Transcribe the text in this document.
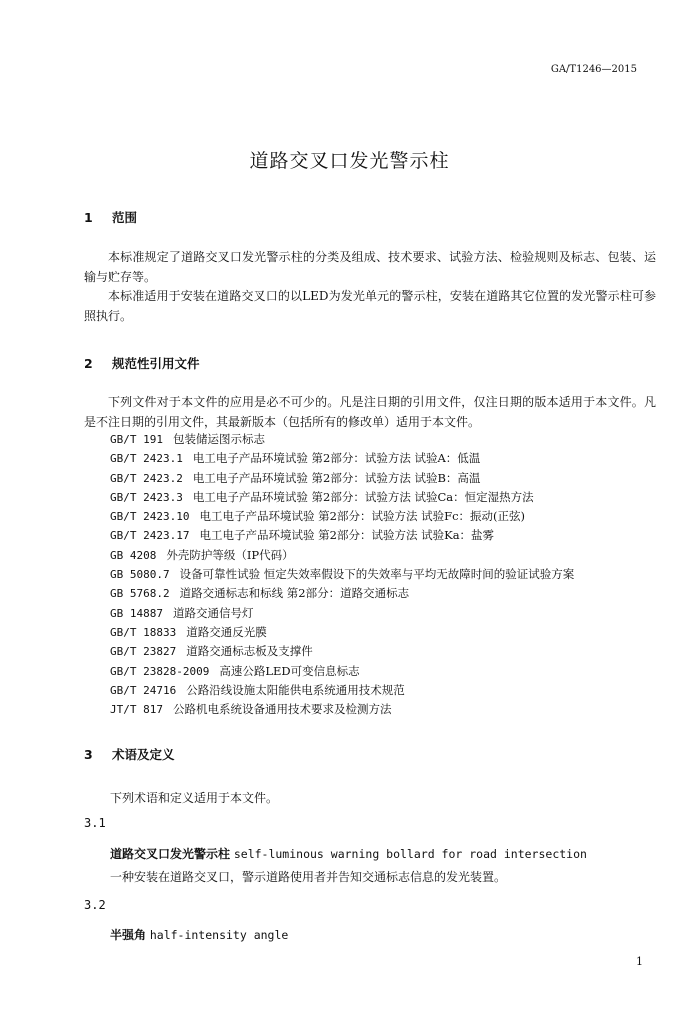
GA/T1246—2015
道路交叉口发光警示柱
1 范围

本标准规定了道路交叉口发光警示柱的分类及组成、技术要求、试验方法、检验规则及标志、包装、运输与贮存等。

本标准适用于安装在道路交叉口的以LED为发光单元的警示柱，安装在道路其它位置的发光警示柱可参照执行。

2 规范性引用文件

下列文件对于本文件的应用是必不可少的。凡是注日期的引用文件，仅注日期的版本适用于本文件。凡是不注日期的引用文件，其最新版本（包括所有的修改单）适用于本文件。

GB/T 191 包装储运图示标志
GB/T 2423.1 电工电子产品环境试验 第2部分：试验方法 试验A：低温
GB/T 2423.2 电工电子产品环境试验 第2部分：试验方法 试验B：高温
GB/T 2423.3 电工电子产品环境试验 第2部分：试验方法 试验Ca：恒定湿热方法
GB/T 2423.10 电工电子产品环境试验 第2部分：试验方法 试验Fc：振动(正弦)
GB/T 2423.17 电工电子产品环境试验 第2部分：试验方法 试验Ka：盐雾
GB 4208 外壳防护等级（IP代码）
GB 5080.7 设备可靠性试验 恒定失效率假设下的失效率与平均无故障时间的验证试验方案
GB 5768.2 道路交通标志和标线 第2部分：道路交通标志
GB 14887 道路交通信号灯
GB/T 18833 道路交通反光膜
GB/T 23827 道路交通标志板及支撑件
GB/T 23828-2009 高速公路LED可变信息标志
GB/T 24716 公路沿线设施太阳能供电系统通用技术规范
JT/T 817 公路机电系统设备通用技术要求及检测方法
3 术语及定义
下列术语和定义适用于本文件。
3.1
道路交叉口发光警示柱 self-luminous warning bollard for road intersection
一种安装在道路交叉口，警示道路使用者并告知交通标志信息的发光装置。
3.2
半强角 half-intensity angle
1
